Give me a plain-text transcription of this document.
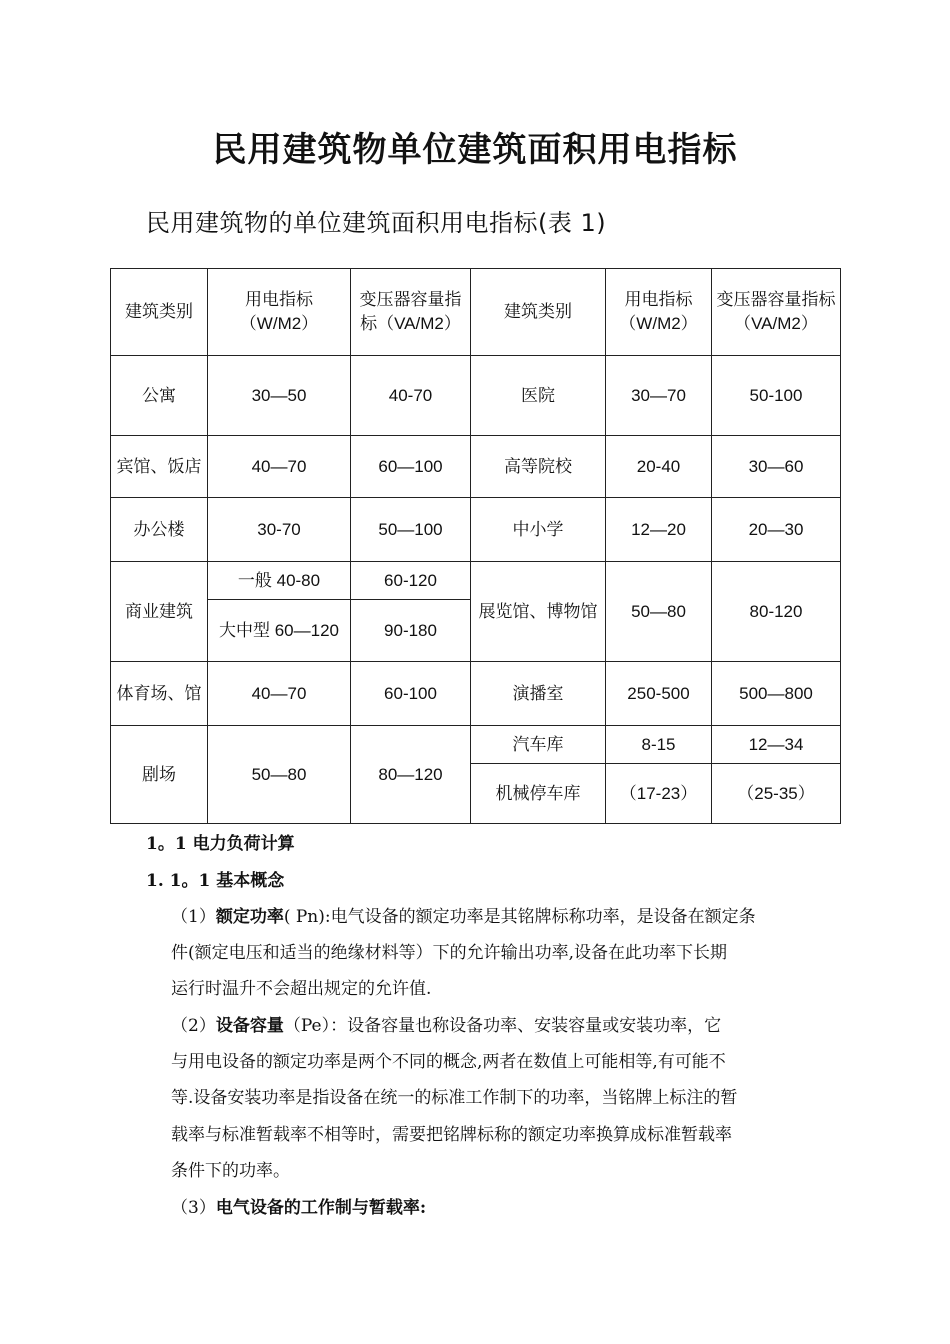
民用建筑物单位建筑面积用电指标
民用建筑物的单位建筑面积用电指标(表 1)
建筑类别	用电指标（W/M2）	变压器容量指标（VA/M2）	建筑类别	用电指标（W/M2）	变压器容量指标（VA/M2）
公寓	30—50	40-70	医院	30—70	50-100
宾馆、饭店	40—70	60—100	高等院校	20-40	30—60
办公楼	30-70	50—100	中小学	12—20	20—30
商业建筑	一般 40-80	60-120	展览馆、博物馆	50—80	80-120
	大中型 60—120	90-180			
体育场、馆	40—70	60-100	演播室	250-500	500—800
剧场	50—80	80—120	汽车库	8-15	12—34
			机械停车库	（17-23）	（25-35）
1。1 电力负荷计算
1. 1。1 基本概念
（1）额定功率( Pn):电气设备的额定功率是其铭牌标称功率，是设备在额定条
件(额定电压和适当的绝缘材料等）下的允许输出功率,设备在此功率下长期
运行时温升不会超出规定的允许值.
（2）设备容量（Pe）：设备容量也称设备功率、安装容量或安装功率，它
与用电设备的额定功率是两个不同的概念,两者在数值上可能相等,有可能不
等.设备安装功率是指设备在统一的标准工作制下的功率，当铭牌上标注的暂
载率与标准暂载率不相等时，需要把铭牌标称的额定功率换算成标准暂载率
条件下的功率。
（3）电气设备的工作制与暂载率:
